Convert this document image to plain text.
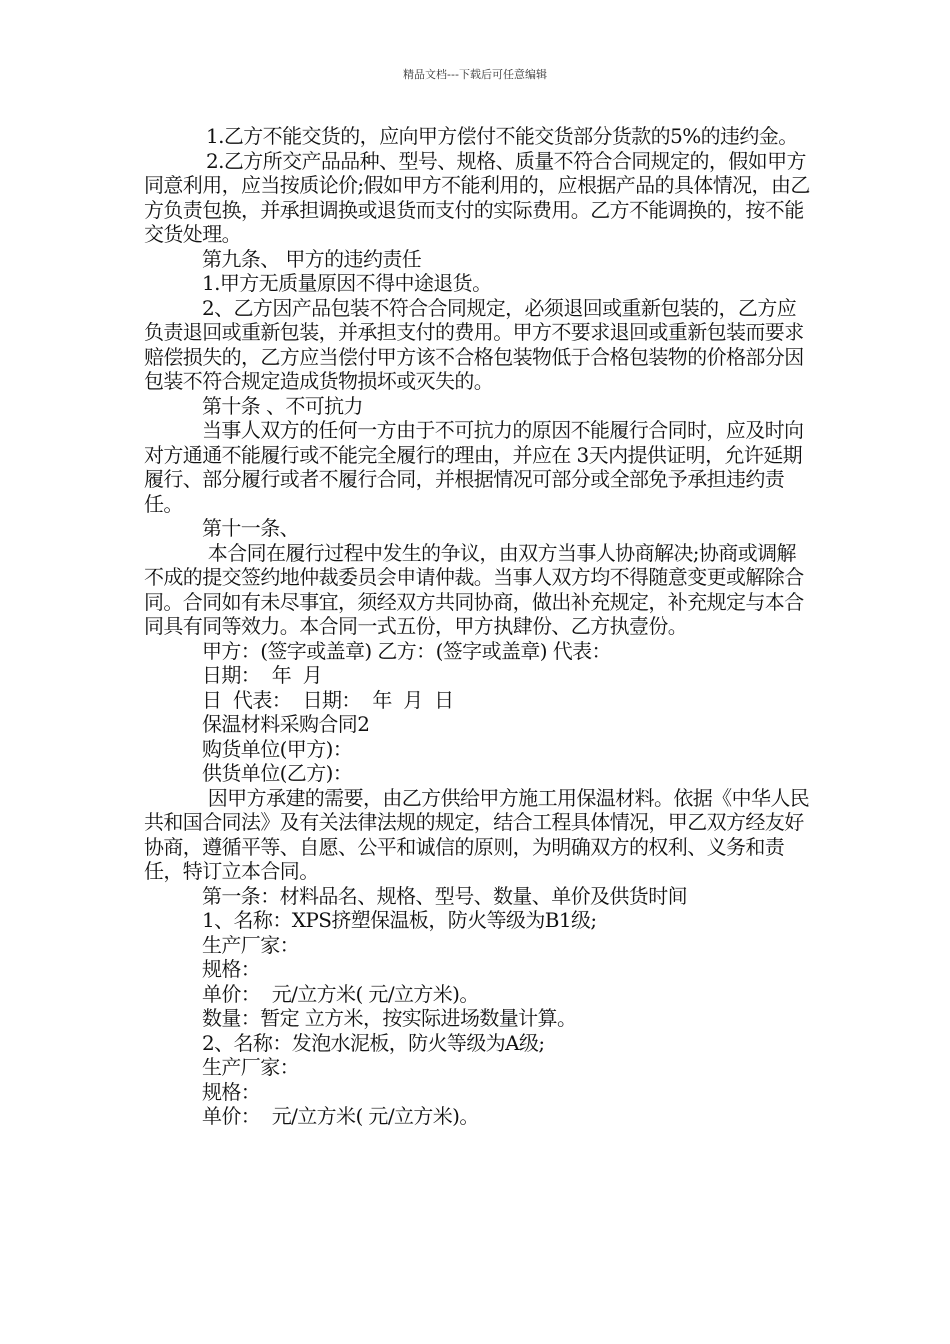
精品文档---下载后可任意编辑

1.乙方不能交货的，应向甲方偿付不能交货部分货款的5%的违约金。

2.乙方所交产品品种、型号、规格、质量不符合合同规定的，假如甲方同意利用，应当按质论价;假如甲方不能利用的，应根据产品的具体情况，由乙方负责包换，并承担调换或退货而支付的实际费用。乙方不能调换的，按不能交货处理。

第九条、 甲方的违约责任

1.甲方无质量原因不得中途退货。

2、乙方因产品包装不符合合同规定，必须退回或重新包装的，乙方应负责退回或重新包装，并承担支付的费用。甲方不要求退回或重新包装而要求赔偿损失的，乙方应当偿付甲方该不合格包装物低于合格包装物的价格部分因包装不符合规定造成货物损坏或灭失的。

第十条 、不可抗力

当事人双方的任何一方由于不可抗力的原因不能履行合同时，应及时向对方通通不能履行或不能完全履行的理由，并应在 3天内提供证明，允许延期履行、部分履行或者不履行合同，并根据情况可部分或全部免予承担违约责任。

第十一条、

本合同在履行过程中发生的争议，由双方当事人协商解决;协商或调解不成的提交签约地仲裁委员会申请仲裁。当事人双方均不得随意变更或解除合同。合同如有未尽事宜，须经双方共同协商，做出补充规定，补充规定与本合同具有同等效力。本合同一式五份，甲方执肆份、乙方执壹份。

甲方：(签字或盖章) 乙方：(签字或盖章) 代表：

日期：  年  月

日  代表：  日期：  年  月  日

保温材料采购合同2

购货单位(甲方)：

供货单位(乙方)：

因甲方承建的需要，由乙方供给甲方施工用保温材料。依据《中华人民共和国合同法》及有关法律法规的规定，结合工程具体情况，甲乙双方经友好协商，遵循平等、自愿、公平和诚信的原则，为明确双方的权利、义务和责任，特订立本合同。

第一条：材料品名、规格、型号、数量、单价及供货时间

1、名称：XPS挤塑保温板，防火等级为B1级;

生产厂家：

规格：

单价：  元/立方米( 元/立方米)。

数量：暂定 立方米，按实际进场数量计算。

2、名称：发泡水泥板，防火等级为A级;

生产厂家：

规格：

单价：  元/立方米( 元/立方米)。
